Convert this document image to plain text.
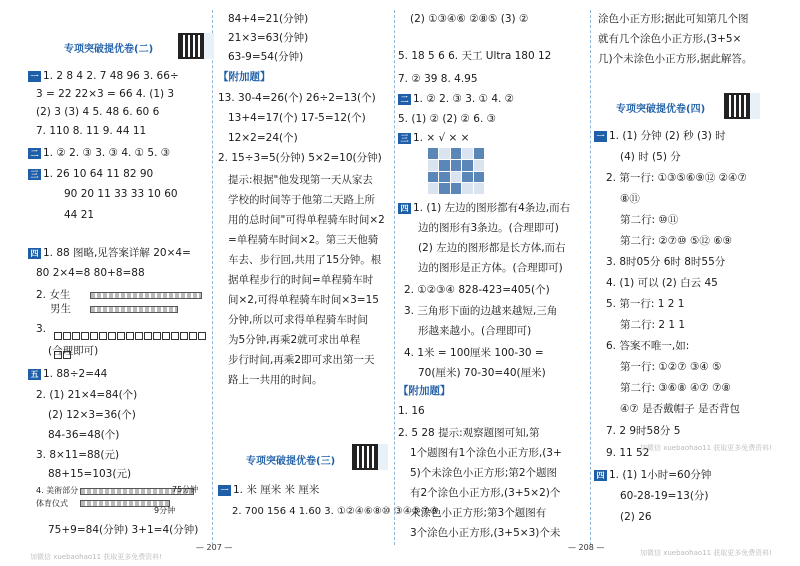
专项突破提优卷(二)
一 1. 2 8 4 2. 7 48 96 3. 66÷
3 = 22 22×3 = 66 4. (1) 3
(2) 3 (3) 4 5. 48 6. 60 6
7. 110 8. 11 9. 44 11
二 1. ② 2. ③ 3. ③ 4. ① 5. ③
三 1. 26 10 64 11 82 90
90 20 11 33 33 10 60
44 21
四 1. 88 图略,见答案详解 20×4=
80 2×4=8 80+8=88
2. 女生
男生
3.
(合理即可)
五 1. 88÷2=44
2. (1) 21×4=84(个)
(2) 12×3=36(个)
84-36=48(个)
3. 8×11=88(元)
88+15=103(元)
4. 美術部分
体育仪式
75分钟
9分钟
75+9=84(分钟) 3+1=4(分钟)
84+4=21(分钟)
21×3=63(分钟)
63-9=54(分钟)
【附加题】
13. 30-4=26(个) 26÷2=13(个)
13+4=17(个) 17-5=12(个)
12×2=24(个)
2. 15÷3=5(分钟) 5×2=10(分钟)
提示:根据"他发现第一天从家去
学校的时间等于他第二天路上所
用的总时间"可得单程骑车时间×2
=单程骑车时间×2。第三天他骑
车去、步行回,共用了15分钟。根
据单程步行的时间=单程骑车时
间×2,可得单程骑车时间×3=15
分钟,所以可求得单程骑车时间
为5分钟,再乘2就可求出单程
步行时间,再乘2即可求出第一天
路上一共用的时间。
专项突破提优卷(三)
一 1. 米 厘米 米 厘米
2. 700 156 4 1.60 3. ①②④⑥⑧⑩ ③④⑤⑦⑨
(2) ①③④⑥ ②⑧⑤ (3) ②
5. 18 5 6 6. 天工 Ultra 180 12
7. ② 39 8. 4.95
二 1. ② 2. ③ 3. ① 4. ②
5. (1) ② (2) ② 6. ③
三 1. × √ × ×
四 1. (1) 左边的图形都有4条边,而右
边的图形有3条边。(合理即可)
(2) 左边的图形都是长方体,而右
边的图形是正方体。(合理即可)
2. ①②③④ 828-423=405(个)
3. 三角形下面的边越来越短,三角
形越来越小。(合理即可)
4. 1米 = 100厘米 100-30 =
70(厘米) 70-30=40(厘米)
【附加题】
1. 16
2. 5 28 提示:观察题图可知,第
1个题图有1个涂色小正方形,(3+
5)个未涂色小正方形;第2个题图
有2个涂色小正方形,(3+5×2)个
未涂色小正方形;第3个题图有
3个涂色小正方形,(3+5×3)个未
涂色小正方形;据此可知第几个图
就有几个涂色小正方形,(3+5×
几)个未涂色小正方形,据此解答。
专项突破提优卷(四)
一 1. (1) 分钟 (2) 秒 (3) 时
(4) 时 (5) 分
2. 第一行: ①③⑤⑥⑨⑫ ②④⑦
⑧⑪
第二行: ⑩⑪
第二行: ②⑦⑩ ⑤⑫ ⑥⑨
3. 8时05分 6时 8时55分
4. (1) 可以 (2) 白云 45
5. 第一行: 1 2 1
第二行: 2 1 1
6. 答案不唯一,如:
第一行: ①②⑦ ③④ ⑤
第二行: ③⑥⑧ ④⑦ ⑦⑧
④⑦ 是否戴帽子 是否背包
7. 2 9时58分 5
9. 11 52
四 1. (1) 1小时=60分钟
60-28-19=13(分)
(2) 26
加微信 xuebaohao11 获取更多免费资料!
加微信 xuebaohao11 获取更多免费资料!
加微信 xuebaohao11 获取更多免费资料!
— 207 —	— 208 —
